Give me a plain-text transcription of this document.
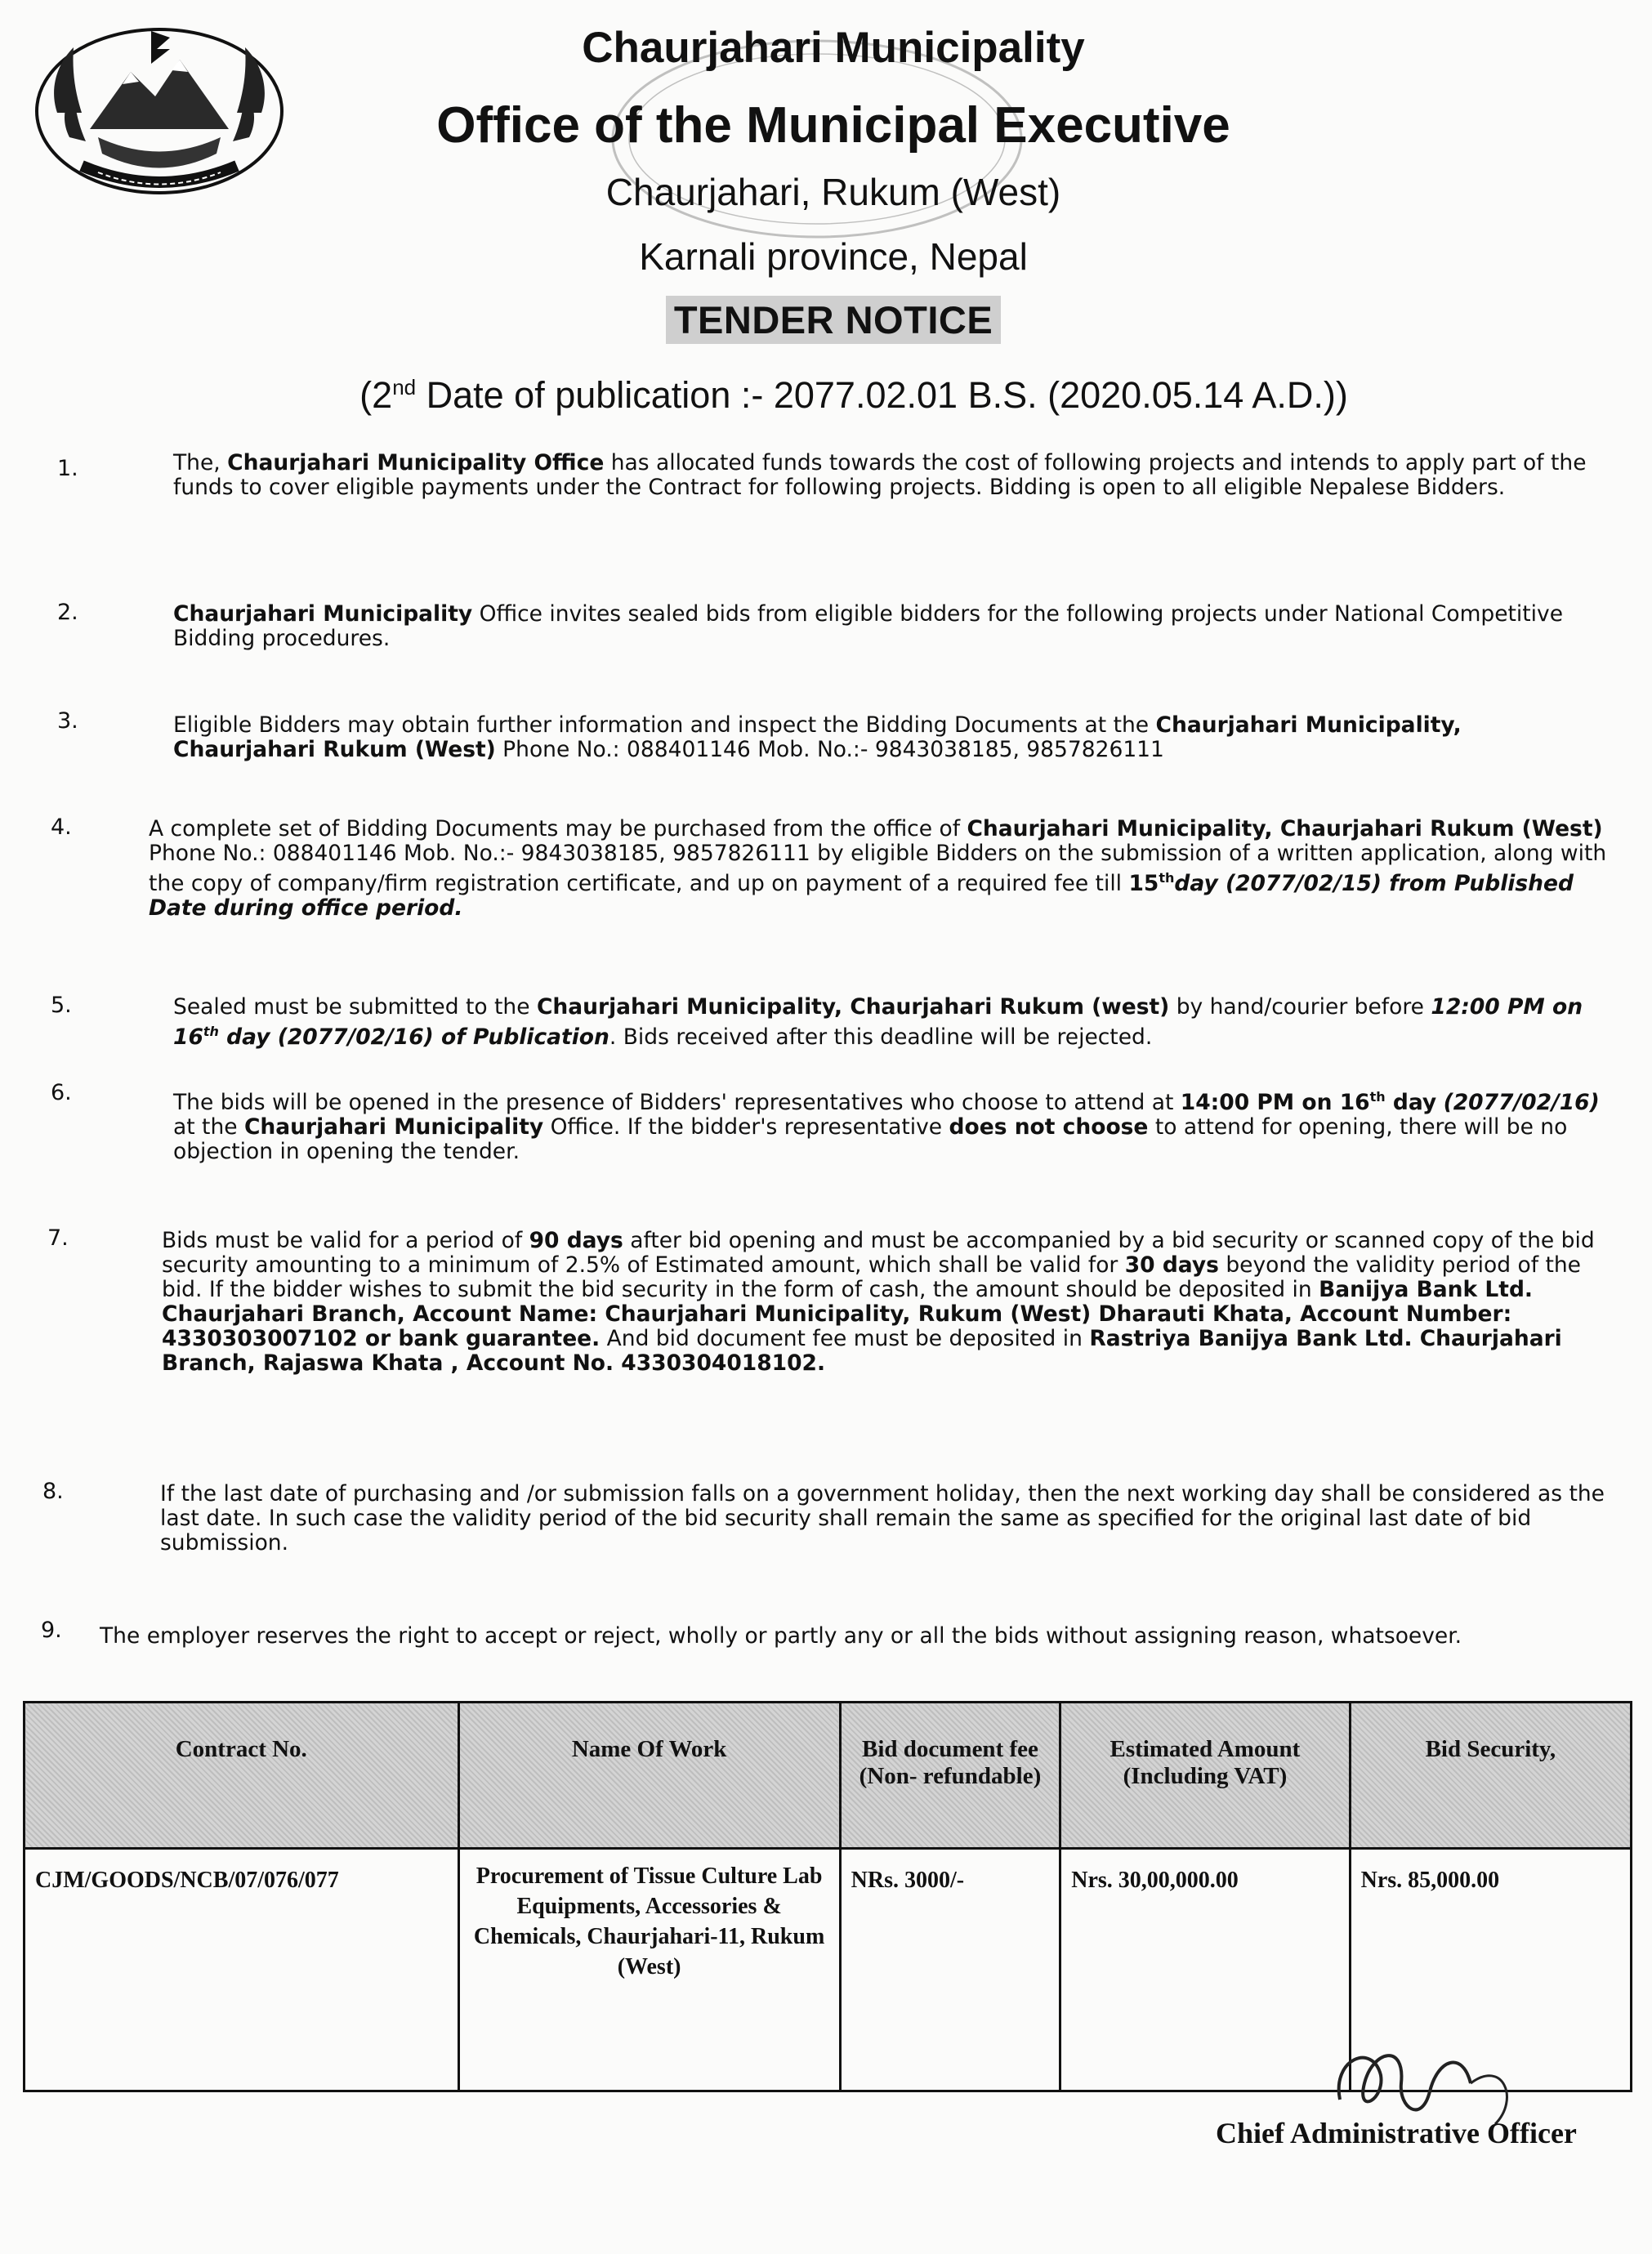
Chaurjahari Municipality
Office of the Municipal Executive
Chaurjahari, Rukum (West)
Karnali province, Nepal
TENDER NOTICE
(2nd Date of publication :- 2077.02.01 B.S. (2020.05.14 A.D.))
1.	The, Chaurjahari Municipality Office has allocated funds towards the cost of following projects and intends to apply part of the funds to cover eligible payments under the Contract for following projects. Bidding is open to all eligible Nepalese Bidders.
2.	Chaurjahari Municipality Office invites sealed bids from eligible bidders for the following projects under National Competitive Bidding procedures.
3.	Eligible Bidders may obtain further information and inspect the Bidding Documents at the Chaurjahari Municipality, Chaurjahari Rukum (West) Phone No.: 088401146 Mob. No.:- 9843038185, 9857826111
4.	A complete set of Bidding Documents may be purchased from the office of Chaurjahari Municipality, Chaurjahari Rukum (West) Phone No.: 088401146 Mob. No.:- 9843038185, 9857826111 by eligible Bidders on the submission of a written application, along with the copy of company/firm registration certificate, and up on payment of a required fee till 15thday (2077/02/15) from Published Date during office period.
5.	Sealed must be submitted to the Chaurjahari Municipality, Chaurjahari Rukum (west) by hand/courier before 12:00 PM on 16th day (2077/02/16) of Publication. Bids received after this deadline will be rejected.
6.	The bids will be opened in the presence of Bidders' representatives who choose to attend at 14:00 PM on 16th day (2077/02/16) at the Chaurjahari Municipality Office. If the bidder's representative does not choose to attend for opening, there will be no objection in opening the tender.
7.	Bids must be valid for a period of 90 days after bid opening and must be accompanied by a bid security or scanned copy of the bid security amounting to a minimum of 2.5% of Estimated amount, which shall be valid for 30 days beyond the validity period of the bid. If the bidder wishes to submit the bid security in the form of cash, the amount should be deposited in Banijya Bank Ltd. Chaurjahari Branch, Account Name: Chaurjahari Municipality, Rukum (West) Dharauti Khata, Account Number: 4330303007102 or bank guarantee. And bid document fee must be deposited in Rastriya Banijya Bank Ltd. Chaurjahari Branch, Rajaswa Khata , Account No. 4330304018102.
8.	If the last date of purchasing and /or submission falls on a government holiday, then the next working day shall be considered as the last date. In such case the validity period of the bid security shall remain the same as specified for the original last date of bid submission.
9. The employer reserves the right to accept or reject, wholly or partly any or all the bids without assigning reason, whatsoever.
Contract No.	Name Of Work	Bid document fee (Non- refundable)	Estimated Amount (Including VAT)	Bid Security,
CJM/GOODS/NCB/07/076/077	Procurement of Tissue Culture Lab Equipments, Accessories & Chemicals, Chaurjahari-11, Rukum (West)	NRs. 3000/-	Nrs. 30,00,000.00	Nrs. 85,000.00
Chief Administrative Officer
